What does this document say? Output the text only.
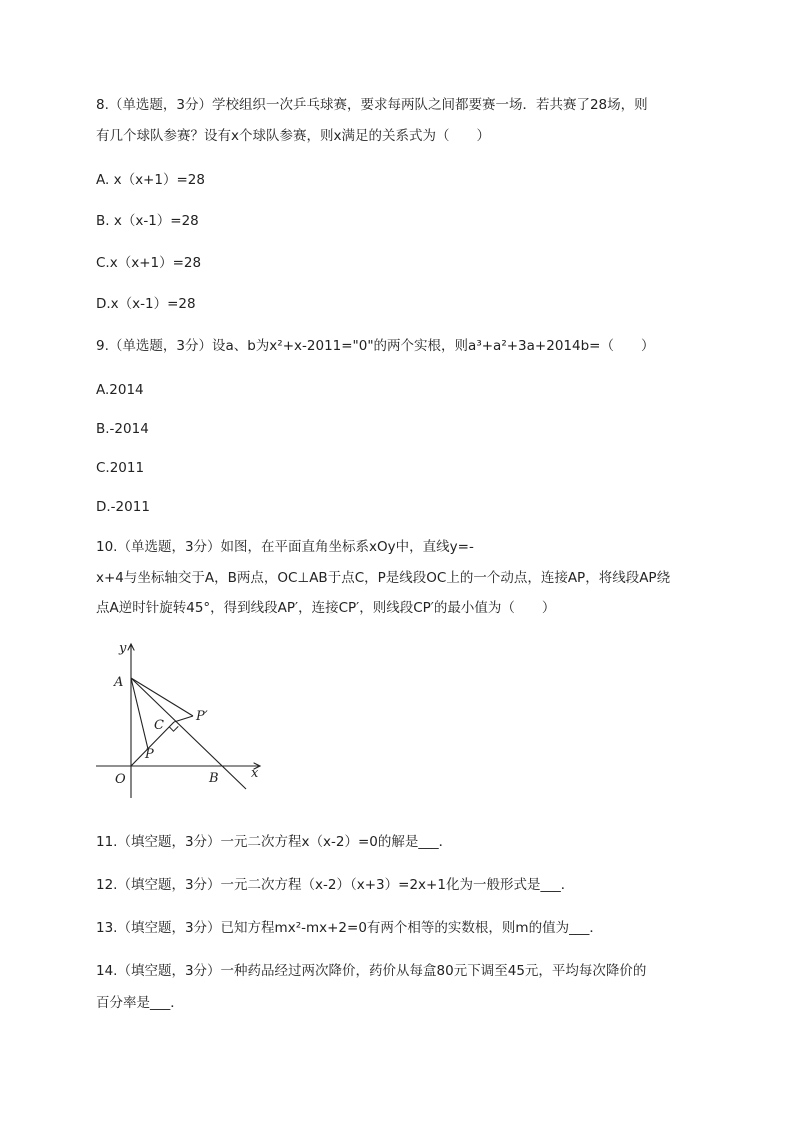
8.（单选题，3分）学校组织一次乒乓球赛，要求每两队之间都要赛一场．若共赛了28场，则
有几个球队参赛？设有x个球队参赛，则x满足的关系式为（　　）
A. x（x+1）=28
B. x（x-1）=28
C.x（x+1）=28
D.x（x-1）=28
9.（单选题，3分）设a、b为x²+x-2011="0"的两个实根，则a³+a²+3a+2014b=（　　）
A.2014
B.-2014
C.2011
D.-2011
10.（单选题，3分）如图，在平面直角坐标系xOy中，直线y=-
x+4与坐标轴交于A，B两点，OC⊥AB于点C，P是线段OC上的一个动点，连接AP，将线段AP绕
点A逆时针旋转45°，得到线段AP′，连接CP′，则线段CP′的最小值为（　　）
y
x
O
A
B
C
P
P′
11.（填空题，3分）一元二次方程x（x-2）=0的解是___．
12.（填空题，3分）一元二次方程（x-2）（x+3）=2x+1化为一般形式是___．
13.（填空题，3分）已知方程mx²-mx+2=0有两个相等的实数根，则m的值为___．
14.（填空题，3分）一种药品经过两次降价，药价从每盒80元下调至45元，平均每次降价的
百分率是___．
